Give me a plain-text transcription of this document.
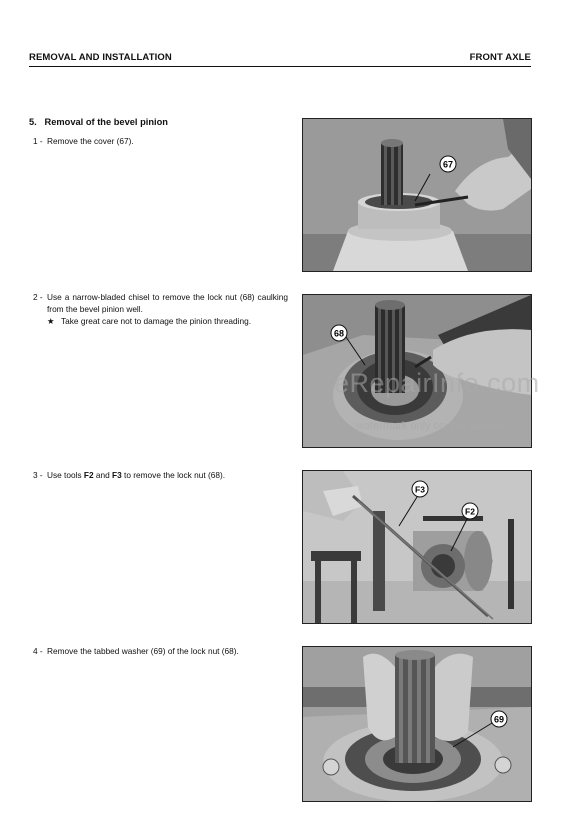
REMOVAL AND INSTALLATION	FRONT AXLE
5. Removal of the bevel pinion
1 - Remove the cover (67).
2 - Use a narrow-bladed chisel to remove the lock nut (68) caulking from the bevel pinion well.
★ Take great care not to damage the pinion threading.
3 - Use tools F2 and F3 to remove the lock nut (68).
4 - Remove the tabbed washer (69) of the lock nut (68).
67
68
F3
F2
69
eRepairInfo.com
watermark only on this sample
